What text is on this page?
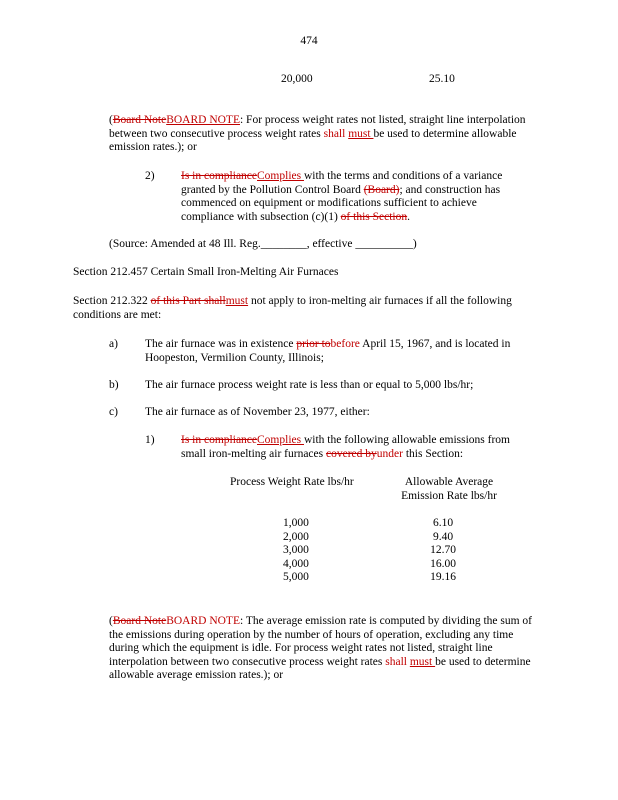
474
20,000	25.10
(Board NoteBOARD NOTE: For process weight rates not listed, straight line interpolation between two consecutive process weight rates shall must be used to determine allowable emission rates.); or
2) Is in complianceComplies with the terms and conditions of a variance granted by the Pollution Control Board (Board); and construction has commenced on equipment or modifications sufficient to achieve compliance with subsection (c)(1) of this Section.
(Source: Amended at 48 Ill. Reg.________, effective __________)
Section 212.457 Certain Small Iron-Melting Air Furnaces
Section 212.322 of this Part shallmust not apply to iron-melting air furnaces if all the following conditions are met:
a) The air furnace was in existence prior tobefore April 15, 1967, and is located in Hoopeston, Vermilion County, Illinois;
b) The air furnace process weight rate is less than or equal to 5,000 lbs/hr;
c) The air furnace as of November 23, 1977, either:
1) Is in complianceComplies with the following allowable emissions from small iron-melting air furnaces covered byunder this Section:
Process Weight Rate lbs/hr	Allowable Average Emission Rate lbs/hr
1,000
2,000
3,000
4,000
5,000
6.10
9.40
12.70
16.00
19.16
(Board NoteBOARD NOTE: The average emission rate is computed by dividing the sum of the emissions during operation by the number of hours of operation, excluding any time during which the equipment is idle. For process weight rates not listed, straight line interpolation between two consecutive process weight rates shall must be used to determine allowable average emission rates.); or
